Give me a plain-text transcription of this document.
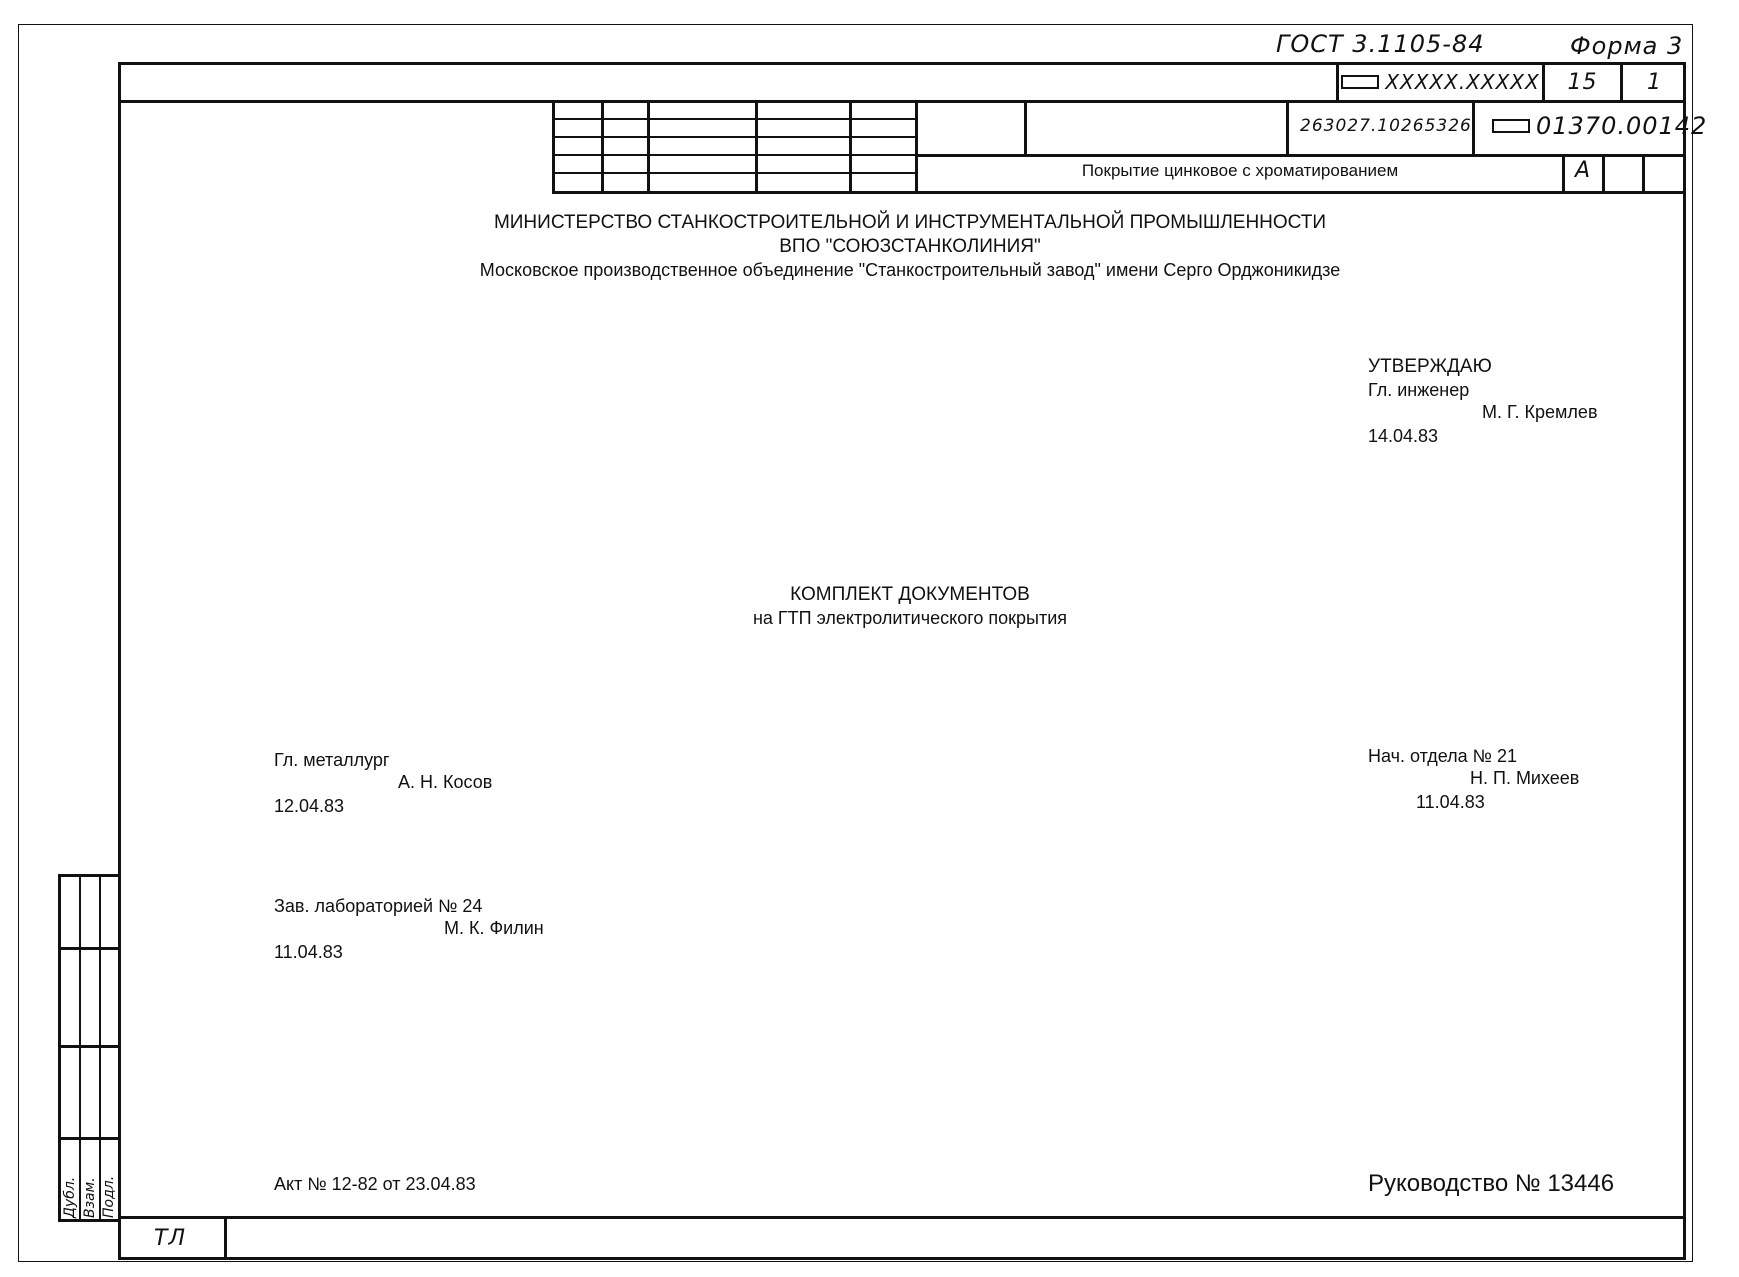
ГОСТ 3.1105-84	Форма 3
XXXXX.XXXXX 15 1
263027.10265326	01370.00142
Покрытие цинковое с хроматированием	А
МИНИСТЕРСТВО СТАНКОСТРОИТЕЛЬНОЙ И ИНСТРУМЕНТАЛЬНОЙ ПРОМЫШЛЕННОСТИ
ВПО "СОЮЗСТАНКОЛИНИЯ"
Московское производственное объединение "Станкостроительный завод" имени Серго Орджоникидзе
УТВЕРЖДАЮ
Гл. инженер
М. Г. Кремлев
14.04.83
КОМПЛЕКТ ДОКУМЕНТОВ
на ГТП электролитического покрытия
Гл. металлург
А. Н. Косов
12.04.83
Нач. отдела № 21
Н. П. Михеев
11.04.83
Зав. лабораторией № 24
М. К. Филин
11.04.83
Акт № 12-82 от 23.04.83	Руководство № 13446
ТЛ
Дубл. Взам. Подл.
